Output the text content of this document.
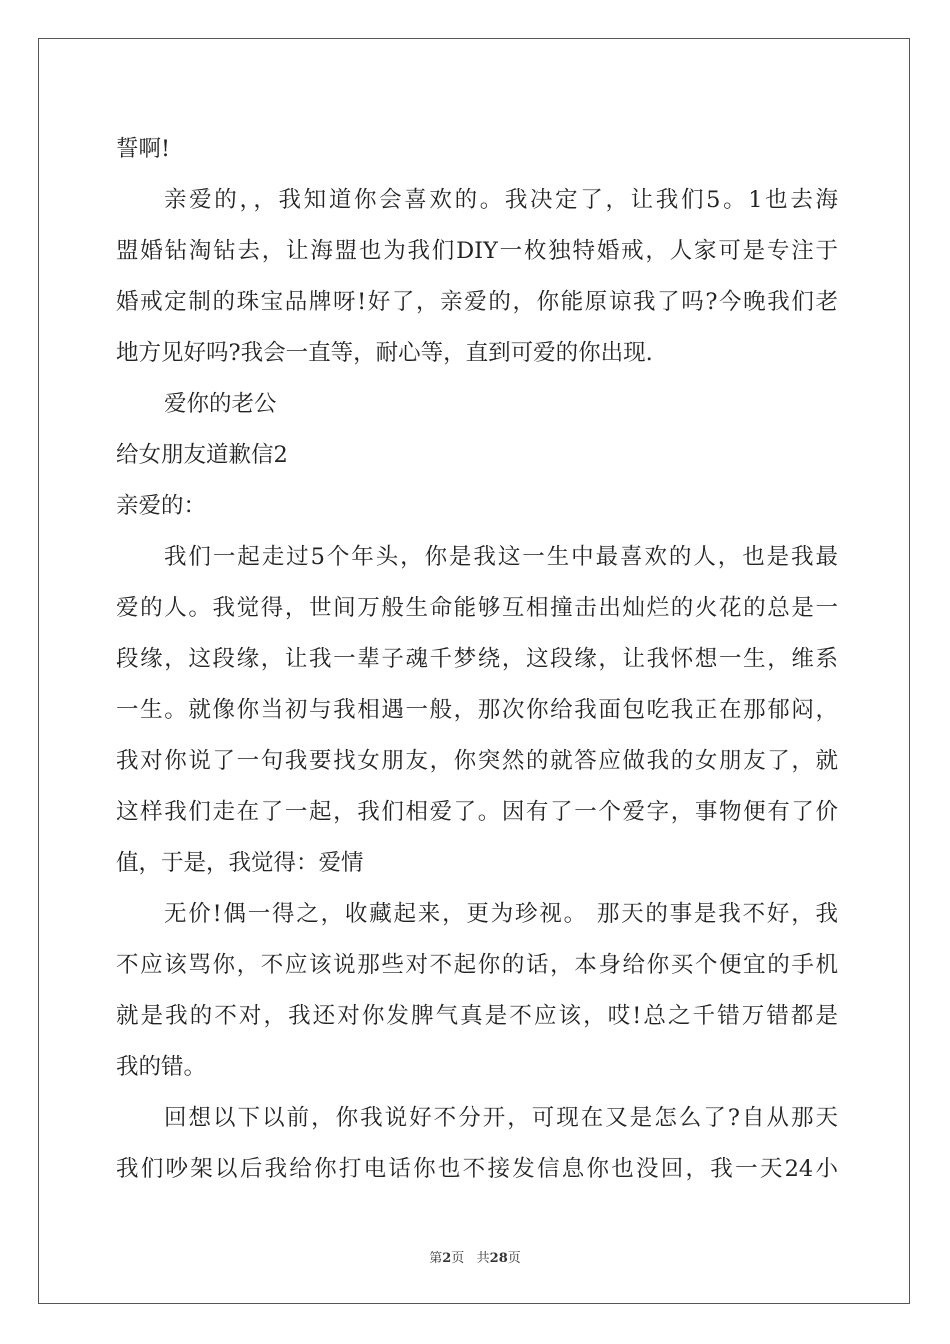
誓啊!
亲爱的，，我知道你会喜欢的。我决定了，让我们5。1也去海
盟婚钻淘钻去，让海盟也为我们DIY一枚独特婚戒，人家可是专注于
婚戒定制的珠宝品牌呀!好了，亲爱的，你能原谅我了吗?今晚我们老
地方见好吗?我会一直等，耐心等，直到可爱的你出现.
爱你的老公
给女朋友道歉信2
亲爱的：
我们一起走过5个年头，你是我这一生中最喜欢的人，也是我最
爱的人。我觉得，世间万般生命能够互相撞击出灿烂的火花的总是一
段缘，这段缘，让我一辈子魂千梦绕，这段缘，让我怀想一生，维系
一生。就像你当初与我相遇一般，那次你给我面包吃我正在那郁闷，
我对你说了一句我要找女朋友，你突然的就答应做我的女朋友了，就
这样我们走在了一起，我们相爱了。因有了一个爱字，事物便有了价
值，于是，我觉得：爱情
无价!偶一得之，收藏起来，更为珍视。 那天的事是我不好，我
不应该骂你，不应该说那些对不起你的话，本身给你买个便宜的手机
就是我的不对，我还对你发脾气真是不应该，哎!总之千错万错都是
我的错。
回想以下以前，你我说好不分开，可现在又是怎么了?自从那天
我们吵架以后我给你打电话你也不接发信息你也没回，我一天24小
第2页   共28页
